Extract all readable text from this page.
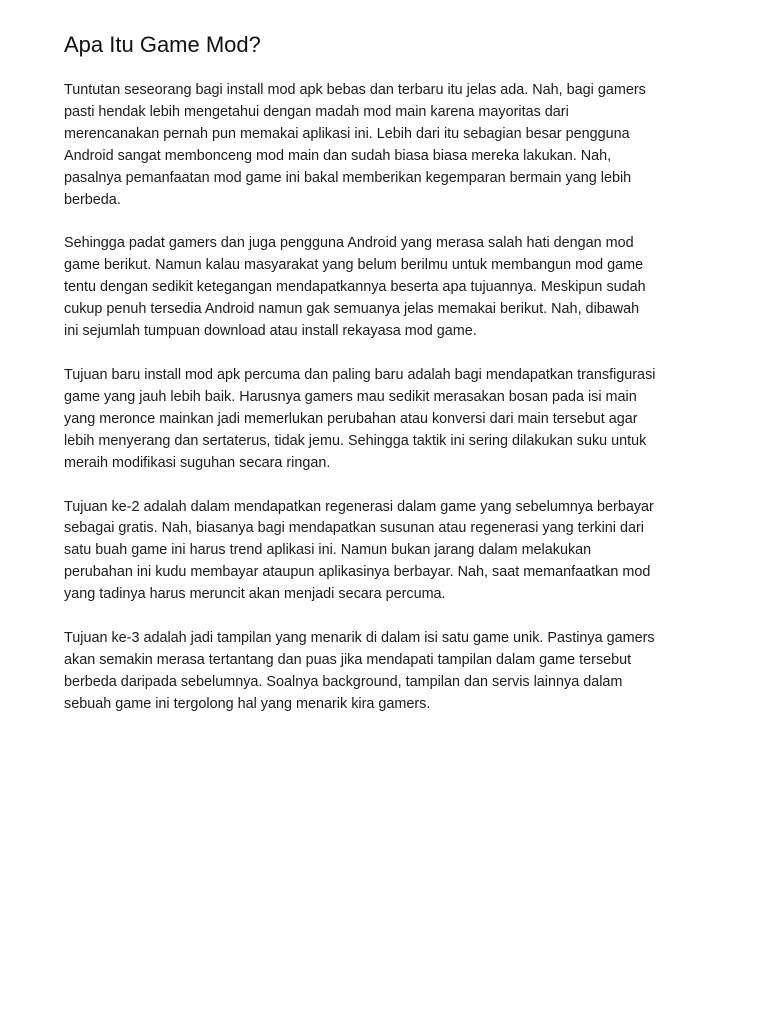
Apa Itu Game Mod?
Tuntutan seseorang bagi install mod apk bebas dan terbaru itu jelas ada. Nah, bagi gamers
pasti hendak lebih mengetahui dengan madah mod main karena mayoritas dari
merencanakan pernah pun memakai aplikasi ini. Lebih dari itu sebagian besar pengguna
Android sangat membonceng mod main dan sudah biasa biasa mereka lakukan. Nah,
pasalnya pemanfaatan mod game ini bakal memberikan kegemparan bermain yang lebih
berbeda.
Sehingga padat gamers dan juga pengguna Android yang merasa salah hati dengan mod
game berikut. Namun kalau masyarakat yang belum berilmu untuk membangun mod game
tentu dengan sedikit ketegangan mendapatkannya beserta apa tujuannya. Meskipun sudah
cukup penuh tersedia Android namun gak semuanya jelas memakai berikut. Nah, dibawah
ini sejumlah tumpuan download atau install rekayasa mod game.
Tujuan baru install mod apk percuma dan paling baru adalah bagi mendapatkan transfigurasi
game yang jauh lebih baik. Harusnya gamers mau sedikit merasakan bosan pada isi main
yang meronce mainkan jadi memerlukan perubahan atau konversi dari main tersebut agar
lebih menyerang dan sertaterus, tidak jemu. Sehingga taktik ini sering dilakukan suku untuk
meraih modifikasi suguhan secara ringan.
Tujuan ke-2 adalah dalam mendapatkan regenerasi dalam game yang sebelumnya berbayar
sebagai gratis. Nah, biasanya bagi mendapatkan susunan atau regenerasi yang terkini dari
satu buah game ini harus trend aplikasi ini. Namun bukan jarang dalam melakukan
perubahan ini kudu membayar ataupun aplikasinya berbayar. Nah, saat memanfaatkan mod
yang tadinya harus meruncit akan menjadi secara percuma.
Tujuan ke-3 adalah jadi tampilan yang menarik di dalam isi satu game unik. Pastinya gamers
akan semakin merasa tertantang dan puas jika mendapati tampilan dalam game tersebut
berbeda daripada sebelumnya. Soalnya background, tampilan dan servis lainnya dalam
sebuah game ini tergolong hal yang menarik kira gamers.
